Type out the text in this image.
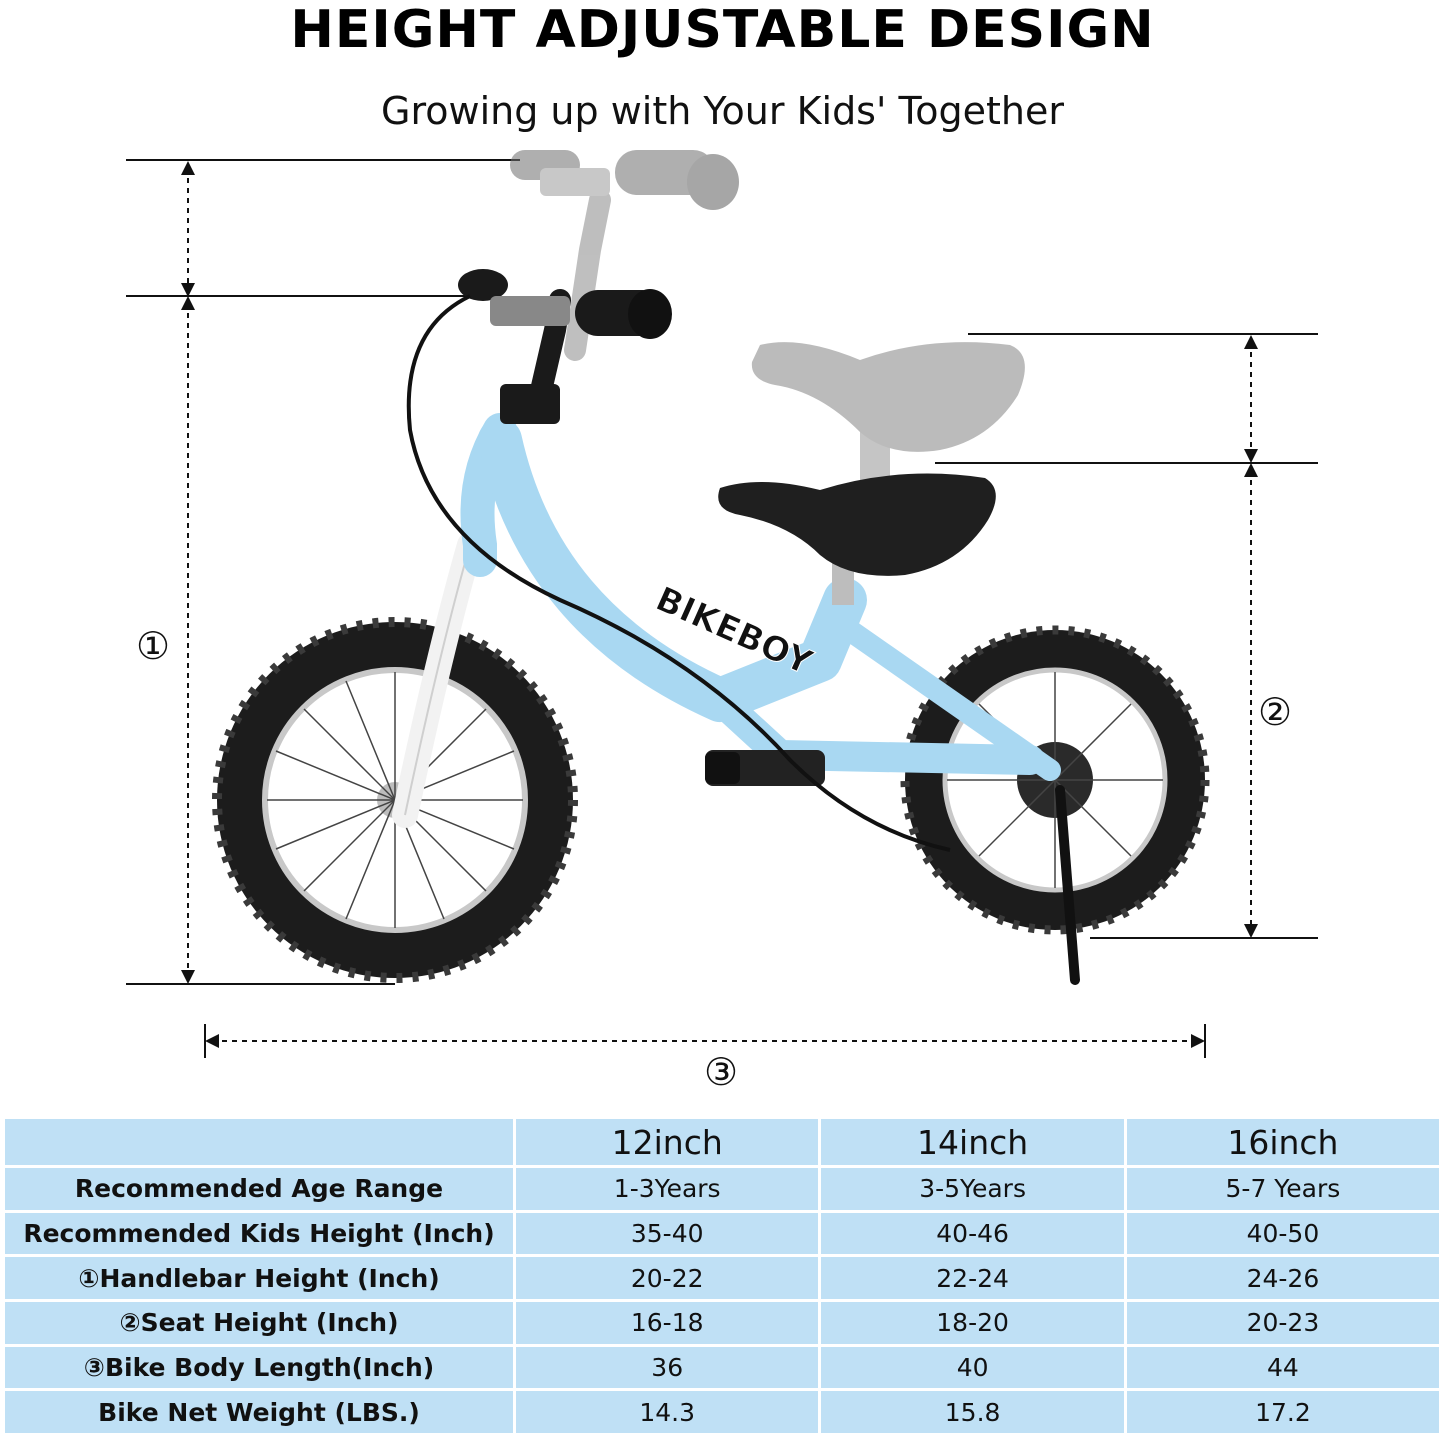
HEIGHT ADJUSTABLE DESIGN
Growing up with Your Kids' Together
BIKEBOY
①
②
③
	12inch	14inch	16inch
Recommended Age Range	1-3Years	3-5Years	5-7 Years
Recommended Kids Height (Inch)	35-40	40-46	40-50
①Handlebar Height (Inch)	20-22	22-24	24-26
②Seat Height (Inch)	16-18	18-20	20-23
③Bike Body Length(Inch)	36	40	44
Bike Net Weight (LBS.)	14.3	15.8	17.2
